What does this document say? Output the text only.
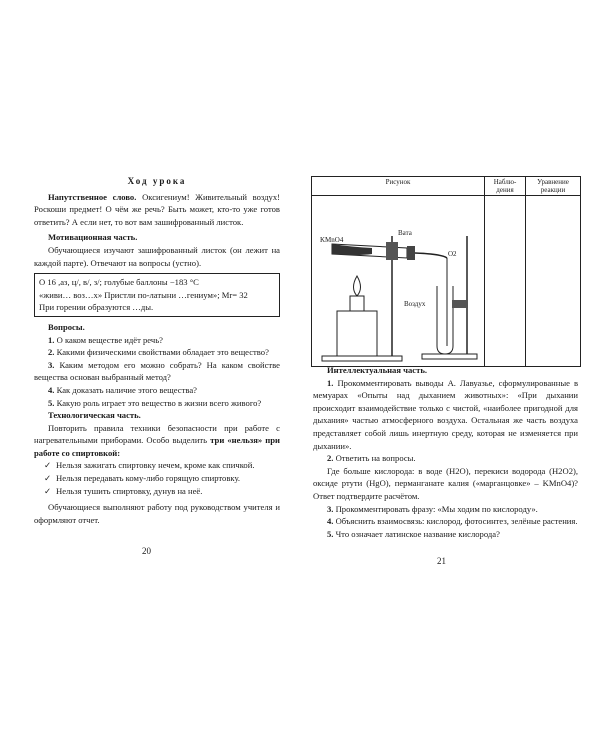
Ход урока

Напутственное слово. Оксигениум! Живительный воздух! Роскоши предмет! О чём же речь? Быть может, кто-то уже готов ответить? А если нет, то вот вам зашифрованный листок.

Мотивационная часть.

Обучающиеся изучают зашифрованный листок (он лежит на каждой парте). Отвечают на вопросы (устно).

О 16 ,аз, ц/, в/, з/; голубые баллоны −183 °С

«живи… воз…х» Пристли по-латыни …гениум»; Mr= 32

При горении образуются …ды.

Вопросы.

1. О каком веществе идёт речь?

2. Какими физическими свойствами обладает это вещество?

3. Каким методом его можно собрать? На каком свойстве вещества основан выбранный метод?

4. Как доказать наличие этого вещества?

5. Какую роль играет это вещество в жизни всего живого?

Технологическая часть.

Повторить правила техники безопасности при работе с нагревательными приборами. Особо выделить три «нельзя» при работе со спиртовкой:

✓ Нельзя зажигать спиртовку нечем, кроме как спичкой.
✓ Нельзя передавать кому-либо горящую спиртовку.
✓ Нельзя тушить спиртовку, дунув на неё.

Обучающиеся выполняют работу под руководством учителя и оформляют отчет.

20
Рисунок	Наблю-дения	Уравнение реакции

KMnO4
Вата
O2
Воздух		

Интеллектуальная часть.

1. Прокомментировать выводы А. Лавуазье, сформулированные в мемуарах «Опыты над дыханием животных»: «При дыхании происходит взаимодействие только с чистой, «наиболее пригодной для дыхания» частью атмосферного воздуха. Остальная же часть воздуха представляет собой лишь инертную среду, которая не изменяется при дыхании».

2. Ответить на вопросы.

Где больше кислорода: в воде (H2O), перекиси водорода (H2O2), оксиде ртути (HgO), перманганате калия («марганцовке» – KMnO4)? Ответ подтвердите расчётом.

3. Прокомментировать фразу: «Мы ходим по кислороду».

4. Объяснить взаимосвязь: кислород, фотосинтез, зелёные растения.

5. Что означает латинское название кислорода?

21
